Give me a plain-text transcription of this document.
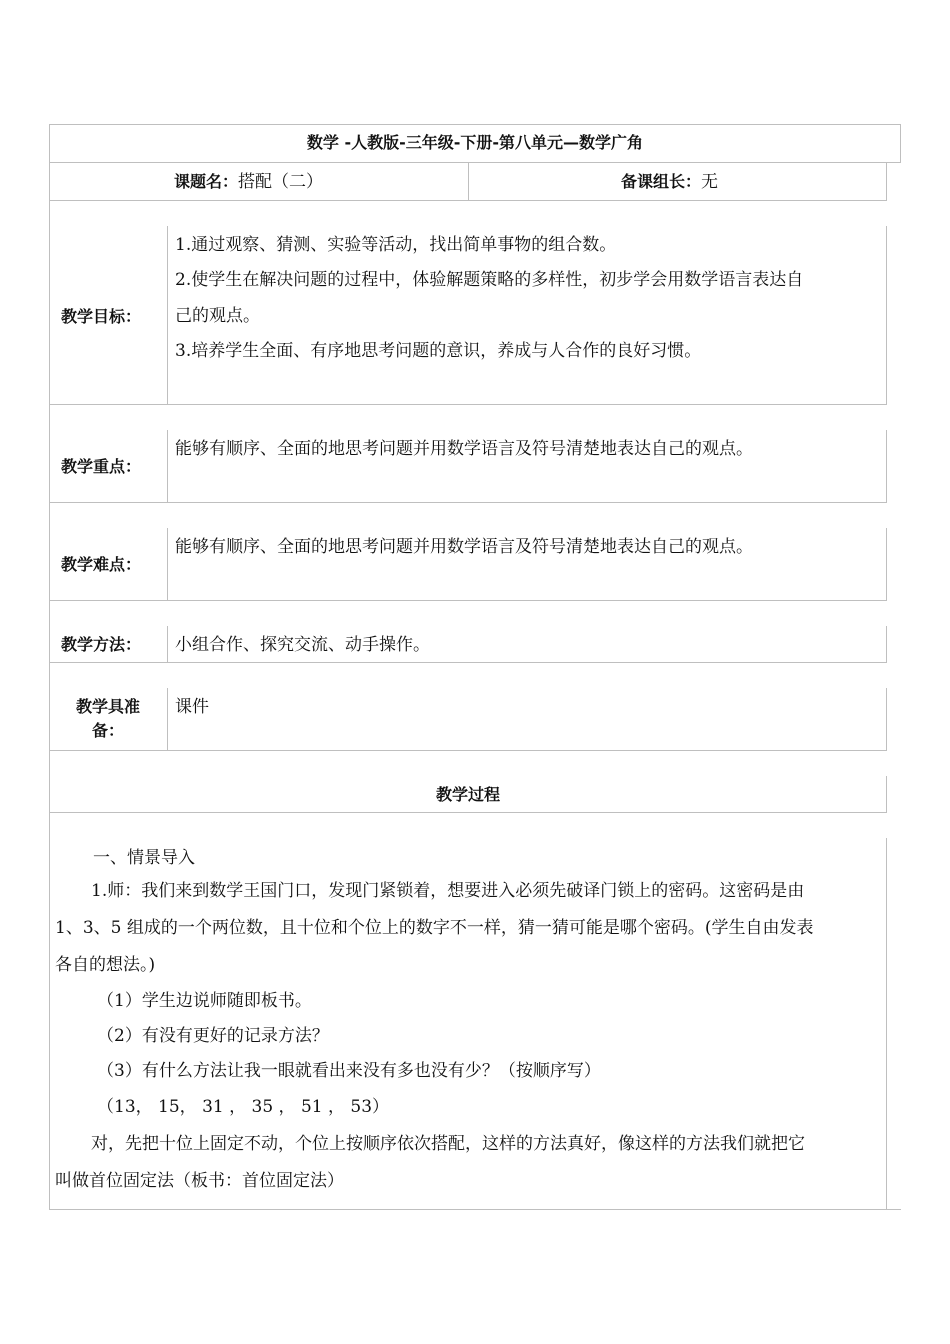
数学 -人教版-三年级-下册-第八单元—数学广角
课题名：搭配（二）	备课组长：无
教学目标：
1.通过观察、猜测、实验等活动，找出简单事物的组合数。
2.使学生在解决问题的过程中，体验解题策略的多样性，初步学会用数学语言表达自
己的观点。
3.培养学生全面、有序地思考问题的意识，养成与人合作的良好习惯。
教学重点：
能够有顺序、全面的地思考问题并用数学语言及符号清楚地表达自己的观点。
教学难点：
能够有顺序、全面的地思考问题并用数学语言及符号清楚地表达自己的观点。
教学方法： 小组合作、探究交流、动手操作。
教学具准
备：
课件
教学过程
一、情景导入
1.师：我们来到数学王国门口，发现门紧锁着，想要进入必须先破译门锁上的密码。这密码是由
1、3、5 组成的一个两位数，且十位和个位上的数字不一样，猜一猜可能是哪个密码。(学生自由发表
各自的想法。)
（1）学生边说师随即板书。
（2）有没有更好的记录方法？
（3）有什么方法让我一眼就看出来没有多也没有少？（按顺序写）
（13， 15， 31 ， 35 ， 51 ， 53）
对，先把十位上固定不动，个位上按顺序依次搭配，这样的方法真好，像这样的方法我们就把它
叫做首位固定法（板书：首位固定法）
